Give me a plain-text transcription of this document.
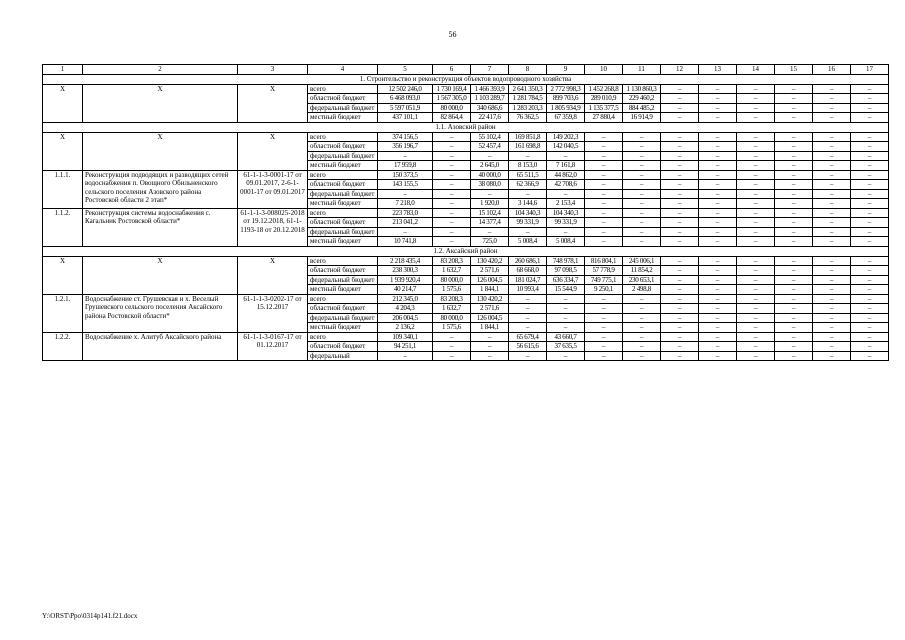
56
1	2	3	4	5	6	7	8	9	10	11	12	13	14	15	16	17
1. Строительство и реконструкция объектов водопроводного хозяйства																
X	X	X	всего	12 502 246,0	1 730 169,4	1 466 393,9	2 641 350,3	2 772 998,3	1 452 268,8	1 130 860,3	–	–	–	–	–	–
			областной бюджет	6 468 093,0	1 567 305,0	1 103 289,7	1 281 784,5	899 703,6	289 010,9	229 460,2	–	–	–	–	–	–
			федеральный бюджет	5 597 051,9	80 000,0	340 686,6	1 283 203,3	1 805 934,9	1 135 377,5	884 485,2	–	–	–	–	–	–
			местный бюджет	437 101,1	82 864,4	22 417,6	76 362,5	67 359,8	27 880,4	16 914,9	–	–	–	–	–	–
1.1. Азовский район																
X	X	X	всего	374 156,5	–	55 102,4	169 851,8	149 202,3	–	–	–	–	–	–	–	–
			областной бюджет	356 196,7	–	52 457,4	161 698,8	142 040,5	–	–	–	–	–	–	–	–
			федеральный бюджет	–	–	–	–	–	–	–	–	–	–	–	–	–
			местный бюджет	17 959,8	–	2 645,0	8 153,0	7 161,8	–	–	–	–	–	–	–	–
1.1.1.	Реконструкция подводящих и разводящих сетей водоснабжения п. Овощного Обильненского сельского поселения Азовского района Ростовской области 2 этап*	61-1-1-3-0001-17 от 09.01.2017, 2-6-1-0001-17 от 09.01.2017	всего	150 373,5	–	40 000,0	65 511,5	44 862,0	–	–	–	–	–	–	–	–
			областной бюджет	143 155,5	–	38 080,0	62 366,9	42 708,6	–	–	–	–	–	–	–	–
			федеральный бюджет	–	–	–	–	–	–	–	–	–	–	–	–	–
			местный бюджет	7 218,0	–	1 920,0	3 144,6	2 153,4	–	–	–	–	–	–	–	–
1.1.2.	Реконструкция системы водоснабжения с. Кагальник Ростовской области*	61-1-1-3-008025-2018 от 19.12.2018, 61-1-1193-18 от 20.12.2018	всего	223 783,0	–	15 102,4	104 340,3	104 340,3	–	–	–	–	–	–	–	–
			областной бюджет	213 041,2	–	14 377,4	99 331,9	99 331,9	–	–	–	–	–	–	–	–
			федеральный бюджет	–	–	–	–	–	–	–	–	–	–	–	–	–
			местный бюджет	10 741,8	–	725,0	5 008,4	5 008,4	–	–	–	–	–	–	–	–
1.2. Аксайский район																
X	X	X	всего	2 218 435,4	83 208,3	130 420,2	260 686,1	748 978,1	816 804,1	245 006,1	–	–	–	–	–	–
			областной бюджет	238 300,3	1 632,7	2 571,6	68 668,0	97 098,5	57 778,9	11 854,2	–	–	–	–	–	–
			федеральный бюджет	1 939 920,4	80 000,0	126 004,5	181 024,7	636 334,7	749 775,1	230 653,1	–	–	–	–	–	–
			местный бюджет	40 214,7	1 575,6	1 844,1	10 993,4	15 544,9	9 250,1	2 498,8	–	–	–	–	–	–
1.2.1.	Водоснабжение ст. Грушевская и х. Веселый Грушевского сельского поселения Аксайского района Ростовской области*	61-1-1-3-0202-17 от 15.12.2017	всего	212 345,0	83 208,3	130 420,2	–	–	–	–	–	–	–	–	–	–
			областной бюджет	4 204,3	1 632,7	2 571,6	–	–	–	–	–	–	–	–	–	–
			федеральный бюджет	206 004,5	80 000,0	126 004,5	–	–	–	–	–	–	–	–	–	–
			местный бюджет	2 136,2	1 575,6	1 844,1	–	–	–	–	–	–	–	–	–	–
1.2.2.	Водоснабжение х. Алитуб Аксайского района	61-1-1-3-0167-17 от 01.12.2017	всего	109 340,1	–	–	65 679,4	43 660,7	–	–	–	–	–	–	–	–
			областной бюджет	94 251,1	–	–	56 615,6	37 635,5	–	–	–	–	–	–	–	–
			федеральный	–	–	–	–	–	–	–	–	–	–	–	–	–
Y:\ORST\Ppo\0314p141.f21.docx
